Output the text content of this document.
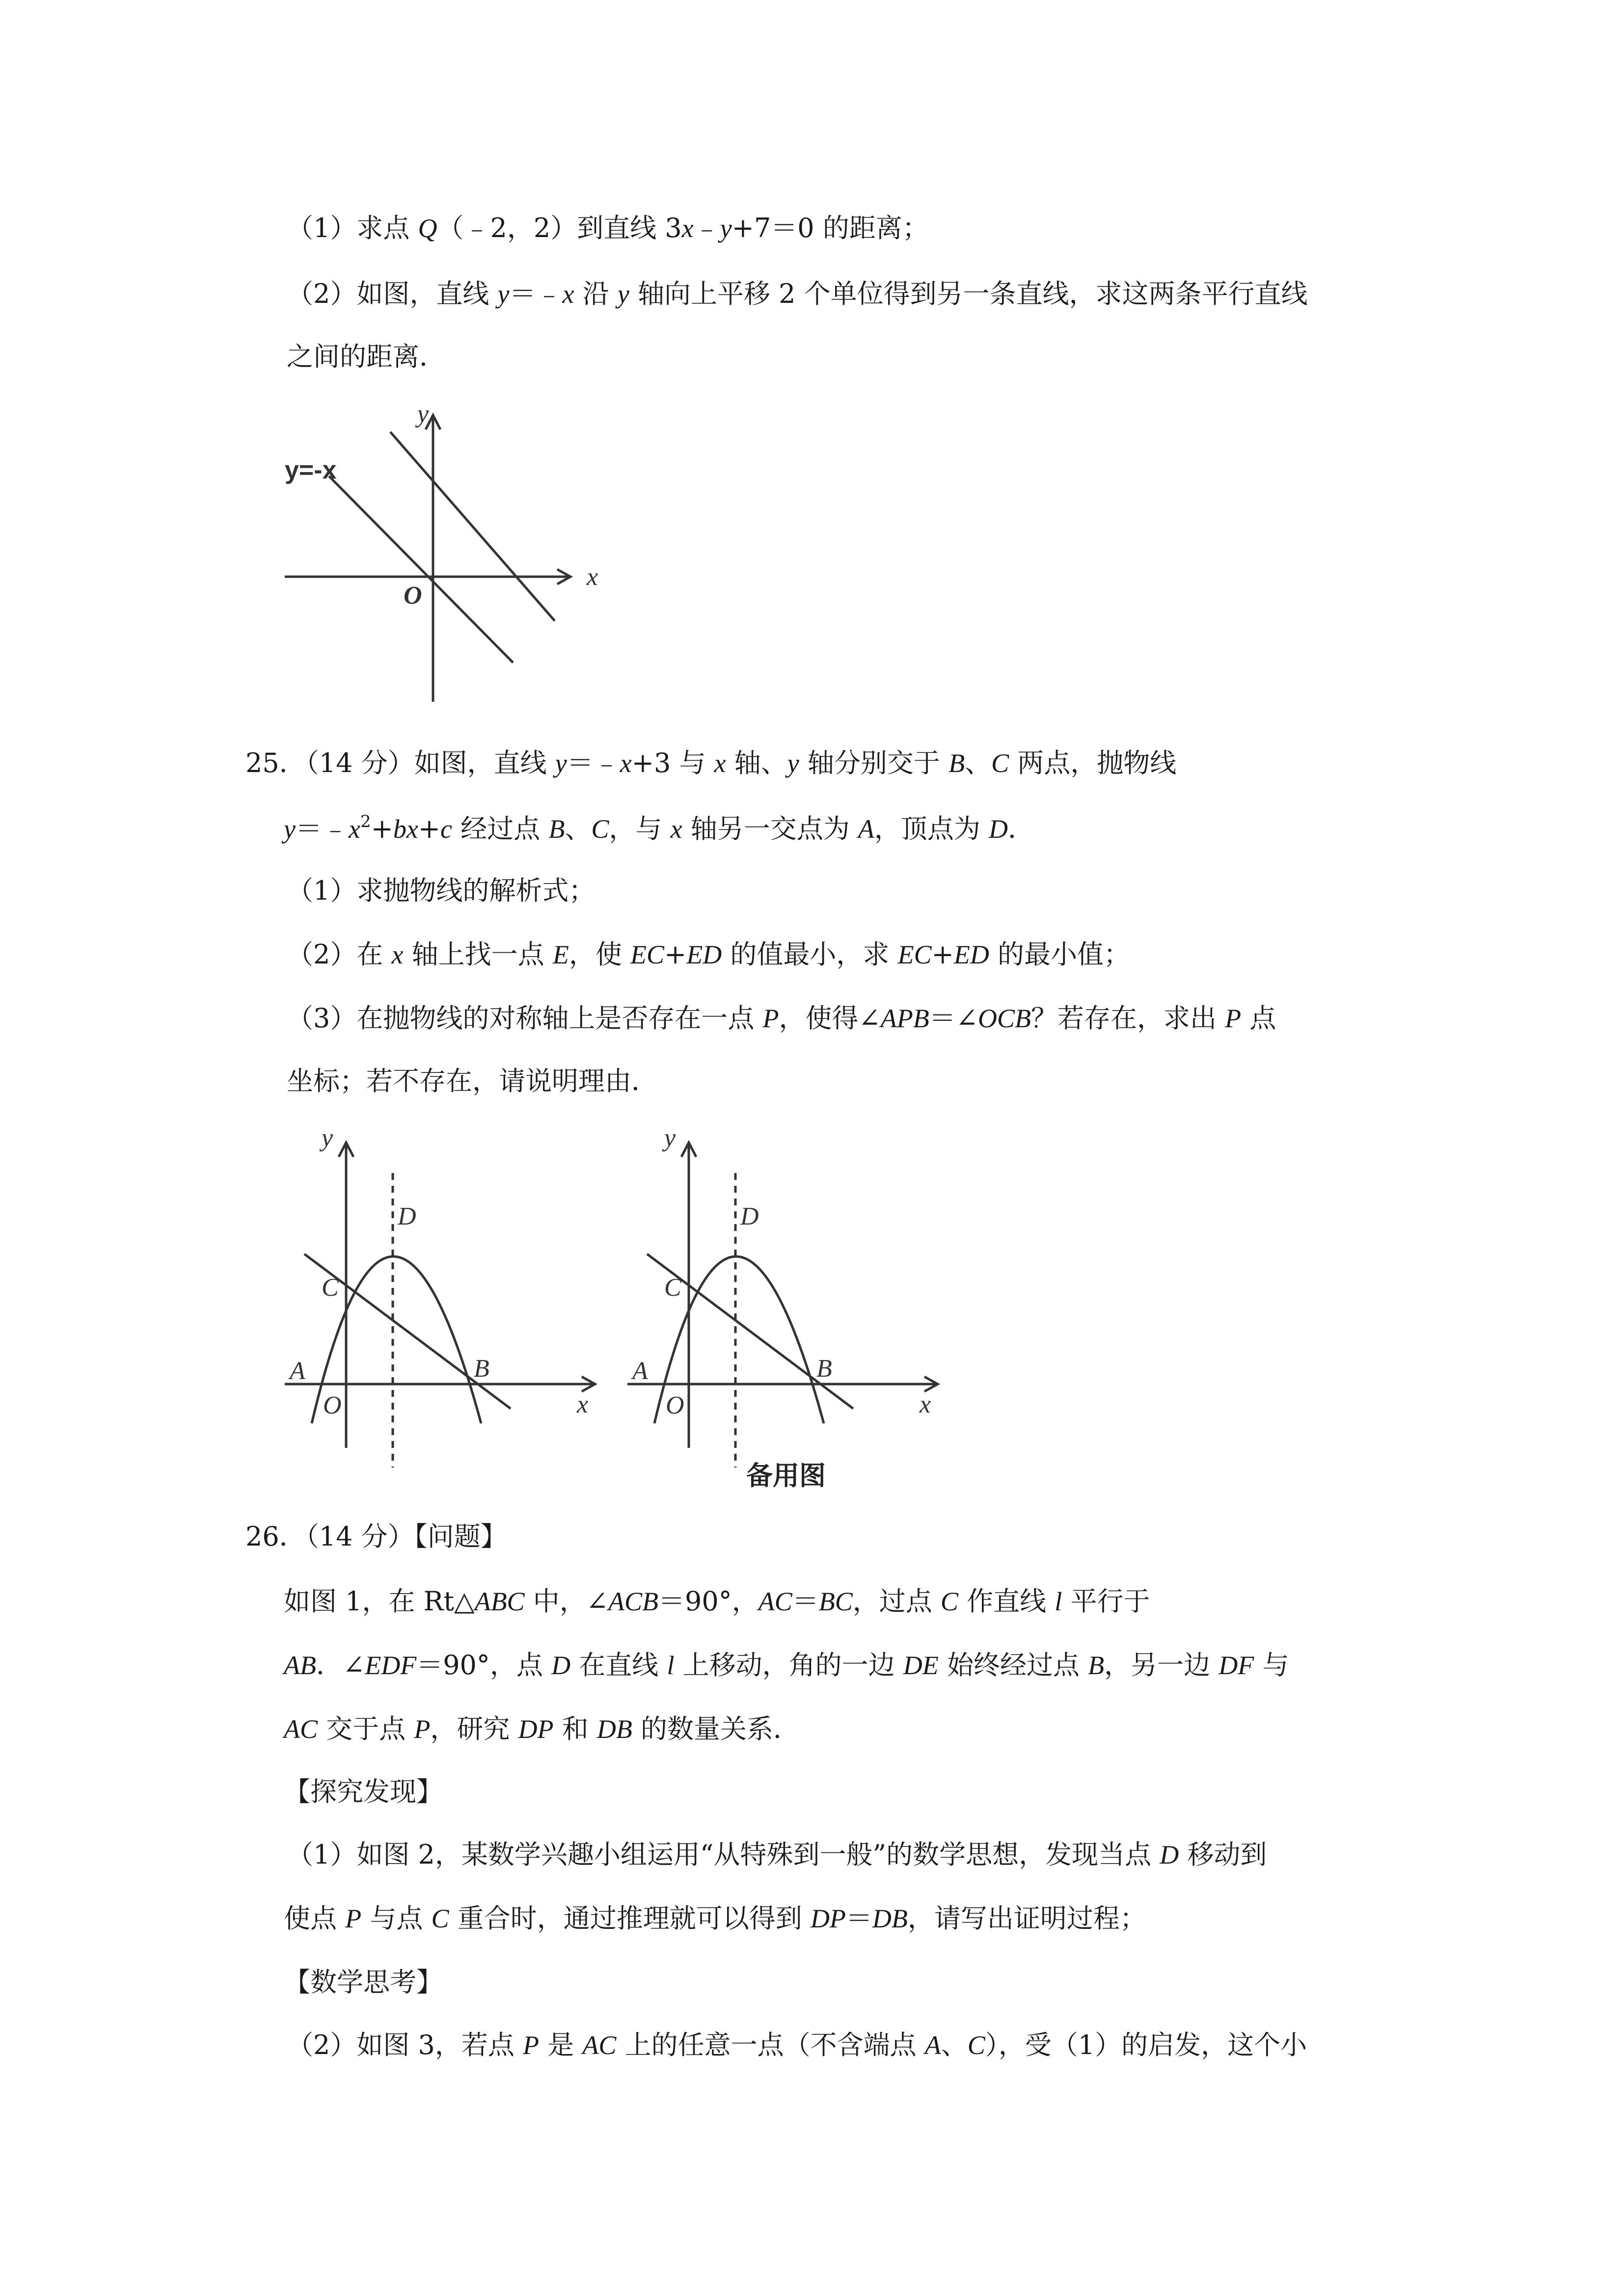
（1）求点 Q（﹣2，2）到直线 3x﹣y+7＝0 的距离；
（2）如图，直线 y＝﹣x 沿 y 轴向上平移 2 个单位得到另一条直线，求这两条平行直线
之间的距离．
y=-x
y
x
O
25．（14 分）如图，直线 y＝﹣x+3 与 x 轴、y 轴分别交于 B、C 两点，抛物线
$y=﹣x^2+bx+c$ 经过点 B、C，与 x 轴另一交点为 A，顶点为 D．
（1）求抛物线的解析式；
（2）在 x 轴上找一点 E，使 EC+ED 的值最小，求 EC+ED 的最小值；
（3）在抛物线的对称轴上是否存在一点 P，使得∠APB＝∠OCB？若存在，求出 P 点
坐标；若不存在，请说明理由．
y
x
O
A	B
C
D
y
x
O
A	B
C
D
备用图
26．（14 分）【问题】
如图 1，在 Rt△ABC 中，∠ACB＝90°，AC＝BC，过点 C 作直线 l 平行于
AB．∠EDF＝90°，点 D 在直线 l 上移动，角的一边 DE 始终经过点 B，另一边 DF 与
AC 交于点 P，研究 DP 和 DB 的数量关系．
【探究发现】
（1）如图 2，某数学兴趣小组运用“从特殊到一般”的数学思想，发现当点 D 移动到
使点 P 与点 C 重合时，通过推理就可以得到 DP＝DB，请写出证明过程；
【数学思考】
（2）如图 3，若点 P 是 AC 上的任意一点（不含端点 A、C），受（1）的启发，这个小
